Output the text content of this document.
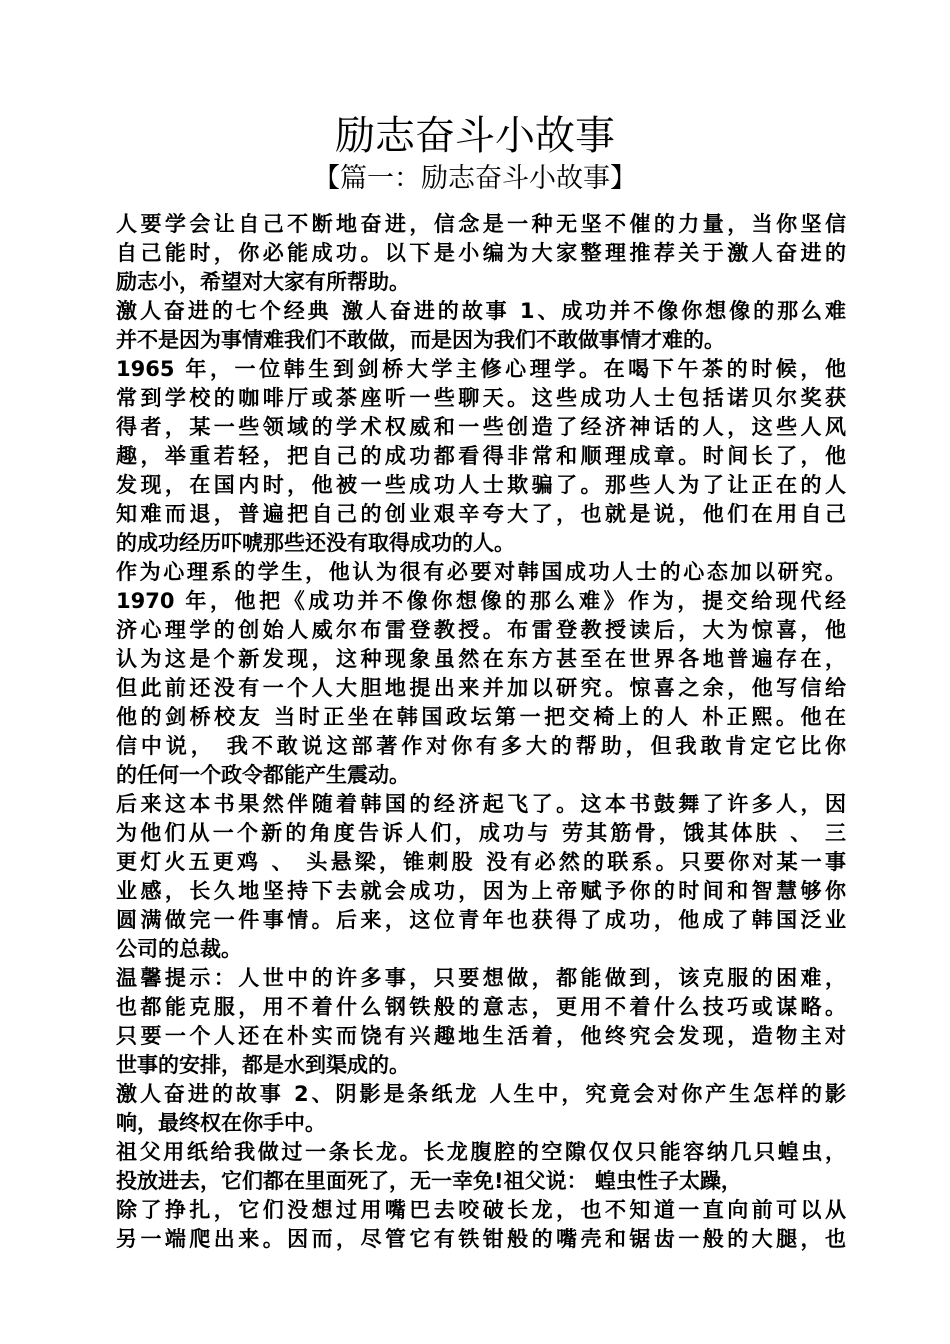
励志奋斗小故事
【篇一：励志奋斗小故事】
人要学会让自己不断地奋进，信念是一种无坚不催的力量，当你坚信
自己能时，你必能成功。以下是小编为大家整理推荐关于激人奋进的
励志小，希望对大家有所帮助。
激人奋进的七个经典 激人奋进的故事 1、成功并不像你想像的那么难
并不是因为事情难我们不敢做，而是因为我们不敢做事情才难的。
1965 年，一位韩生到剑桥大学主修心理学。在喝下午茶的时候，他
常到学校的咖啡厅或茶座听一些聊天。这些成功人士包括诺贝尔奖获
得者，某一些领域的学术权威和一些创造了经济神话的人，这些人风
趣，举重若轻，把自己的成功都看得非常和顺理成章。时间长了，他
发现，在国内时，他被一些成功人士欺骗了。那些人为了让正在的人
知难而退，普遍把自己的创业艰辛夸大了，也就是说，他们在用自己
的成功经历吓唬那些还没有取得成功的人。
作为心理系的学生，他认为很有必要对韩国成功人士的心态加以研究。
1970 年，他把《成功并不像你想像的那么难》作为，提交给现代经
济心理学的创始人威尔布雷登教授。布雷登教授读后，大为惊喜，他
认为这是个新发现，这种现象虽然在东方甚至在世界各地普遍存在，
但此前还没有一个人大胆地提出来并加以研究。惊喜之余，他写信给
他的剑桥校友 当时正坐在韩国政坛第一把交椅上的人 朴正熙。他在
信中说， 我不敢说这部著作对你有多大的帮助，但我敢肯定它比你
的任何一个政令都能产生震动。
后来这本书果然伴随着韩国的经济起飞了。这本书鼓舞了许多人，因
为他们从一个新的角度告诉人们，成功与 劳其筋骨，饿其体肤 、 三
更灯火五更鸡 、 头悬梁，锥刺股 没有必然的联系。只要你对某一事
业感，长久地坚持下去就会成功，因为上帝赋予你的时间和智慧够你
圆满做完一件事情。后来，这位青年也获得了成功，他成了韩国泛业
公司的总裁。
温馨提示：人世中的许多事，只要想做，都能做到，该克服的困难，
也都能克服，用不着什么钢铁般的意志，更用不着什么技巧或谋略。
只要一个人还在朴实而饶有兴趣地生活着，他终究会发现，造物主对
世事的安排，都是水到渠成的。
激人奋进的故事 2、阴影是条纸龙 人生中，究竟会对你产生怎样的影
响，最终权在你手中。
祖父用纸给我做过一条长龙。长龙腹腔的空隙仅仅只能容纳几只蝗虫，
投放进去，它们都在里面死了，无一幸免!祖父说： 蝗虫性子太躁，
除了挣扎，它们没想过用嘴巴去咬破长龙，也不知道一直向前可以从
另一端爬出来。因而，尽管它有铁钳般的嘴壳和锯齿一般的大腿，也
